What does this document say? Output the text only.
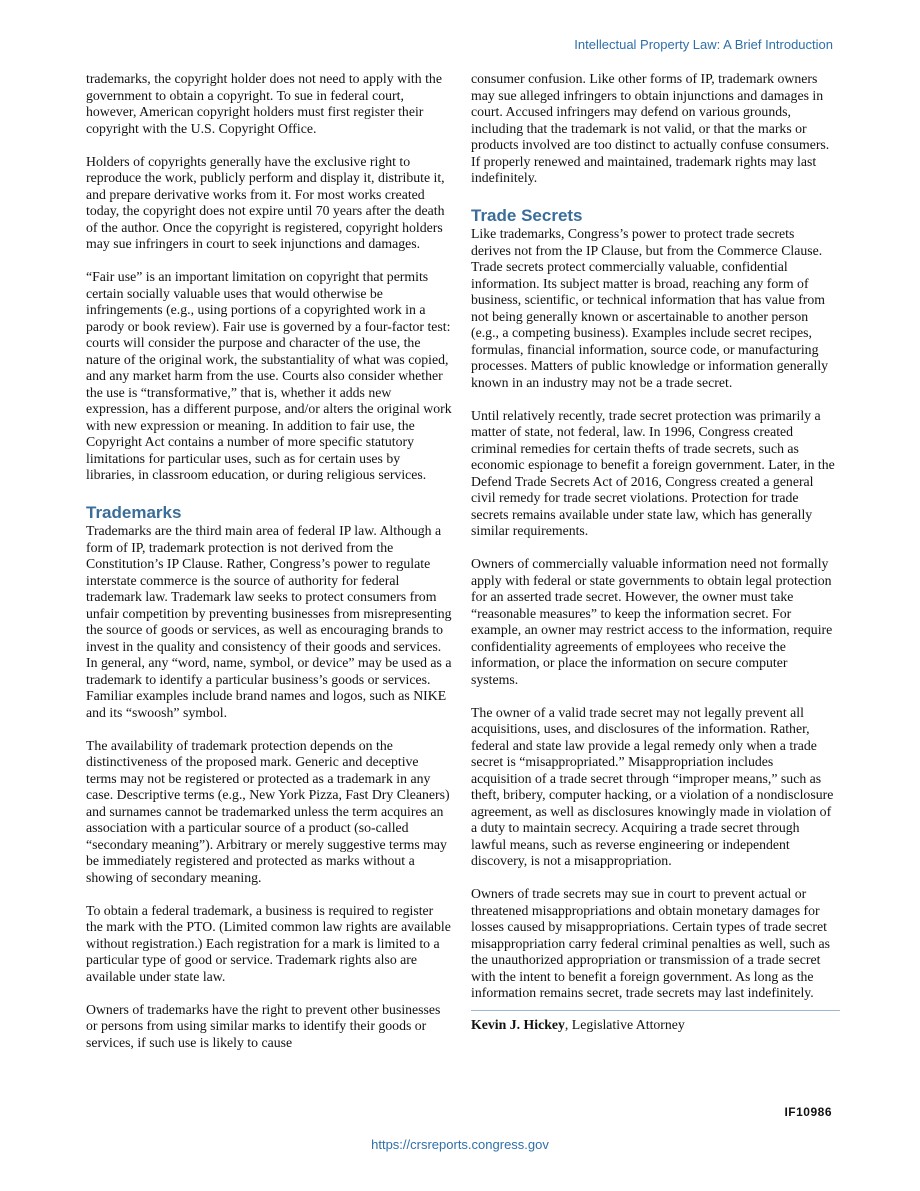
Intellectual Property Law: A Brief Introduction

trademarks, the copyright holder does not need to apply with the government to obtain a copyright. To sue in federal court, however, American copyright holders must first register their copyright with the U.S. Copyright Office.

Holders of copyrights generally have the exclusive right to reproduce the work, publicly perform and display it, distribute it, and prepare derivative works from it. For most works created today, the copyright does not expire until 70 years after the death of the author. Once the copyright is registered, copyright holders may sue infringers in court to seek injunctions and damages.

“Fair use” is an important limitation on copyright that permits certain socially valuable uses that would otherwise be infringements (e.g., using portions of a copyrighted work in a parody or book review). Fair use is governed by a four-factor test: courts will consider the purpose and character of the use, the nature of the original work, the substantiality of what was copied, and any market harm from the use. Courts also consider whether the use is “transformative,” that is, whether it adds new expression, has a different purpose, and/or alters the original work with new expression or meaning. In addition to fair use, the Copyright Act contains a number of more specific statutory limitations for particular uses, such as for certain uses by libraries, in classroom education, or during religious services.

Trademarks

Trademarks are the third main area of federal IP law. Although a form of IP, trademark protection is not derived from the Constitution’s IP Clause. Rather, Congress’s power to regulate interstate commerce is the source of authority for federal trademark law. Trademark law seeks to protect consumers from unfair competition by preventing businesses from misrepresenting the source of goods or services, as well as encouraging brands to invest in the quality and consistency of their goods and services. In general, any “word, name, symbol, or device” may be used as a trademark to identify a particular business’s goods or services. Familiar examples include brand names and logos, such as NIKE and its “swoosh” symbol.

The availability of trademark protection depends on the distinctiveness of the proposed mark. Generic and deceptive terms may not be registered or protected as a trademark in any case. Descriptive terms (e.g., New York Pizza, Fast Dry Cleaners) and surnames cannot be trademarked unless the term acquires an association with a particular source of a product (so-called “secondary meaning”). Arbitrary or merely suggestive terms may be immediately registered and protected as marks without a showing of secondary meaning.

To obtain a federal trademark, a business is required to register the mark with the PTO. (Limited common law rights are available without registration.) Each registration for a mark is limited to a particular type of good or service. Trademark rights also are available under state law.

Owners of trademarks have the right to prevent other businesses or persons from using similar marks to identify their goods or services, if such use is likely to cause

consumer confusion. Like other forms of IP, trademark owners may sue alleged infringers to obtain injunctions and damages in court. Accused infringers may defend on various grounds, including that the trademark is not valid, or that the marks or products involved are too distinct to actually confuse consumers. If properly renewed and maintained, trademark rights may last indefinitely.

Trade Secrets

Like trademarks, Congress’s power to protect trade secrets derives not from the IP Clause, but from the Commerce Clause. Trade secrets protect commercially valuable, confidential information. Its subject matter is broad, reaching any form of business, scientific, or technical information that has value from not being generally known or ascertainable to another person (e.g., a competing business). Examples include secret recipes, formulas, financial information, source code, or manufacturing processes. Matters of public knowledge or information generally known in an industry may not be a trade secret.

Until relatively recently, trade secret protection was primarily a matter of state, not federal, law. In 1996, Congress created criminal remedies for certain thefts of trade secrets, such as economic espionage to benefit a foreign government. Later, in the Defend Trade Secrets Act of 2016, Congress created a general civil remedy for trade secret violations. Protection for trade secrets remains available under state law, which has generally similar requirements.

Owners of commercially valuable information need not formally apply with federal or state governments to obtain legal protection for an asserted trade secret. However, the owner must take “reasonable measures” to keep the information secret. For example, an owner may restrict access to the information, require confidentiality agreements of employees who receive the information, or place the information on secure computer systems.

The owner of a valid trade secret may not legally prevent all acquisitions, uses, and disclosures of the information. Rather, federal and state law provide a legal remedy only when a trade secret is “misappropriated.” Misappropriation includes acquisition of a trade secret through “improper means,” such as theft, bribery, computer hacking, or a violation of a nondisclosure agreement, as well as disclosures knowingly made in violation of a duty to maintain secrecy. Acquiring a trade secret through lawful means, such as reverse engineering or independent discovery, is not a misappropriation.

Owners of trade secrets may sue in court to prevent actual or threatened misappropriations and obtain monetary damages for losses caused by misappropriations. Certain types of trade secret misappropriation carry federal criminal penalties as well, such as the unauthorized appropriation or transmission of a trade secret with the intent to benefit a foreign government. As long as the information remains secret, trade secrets may last indefinitely.

Kevin J. Hickey, Legislative Attorney
IF10986
https://crsreports.congress.gov
